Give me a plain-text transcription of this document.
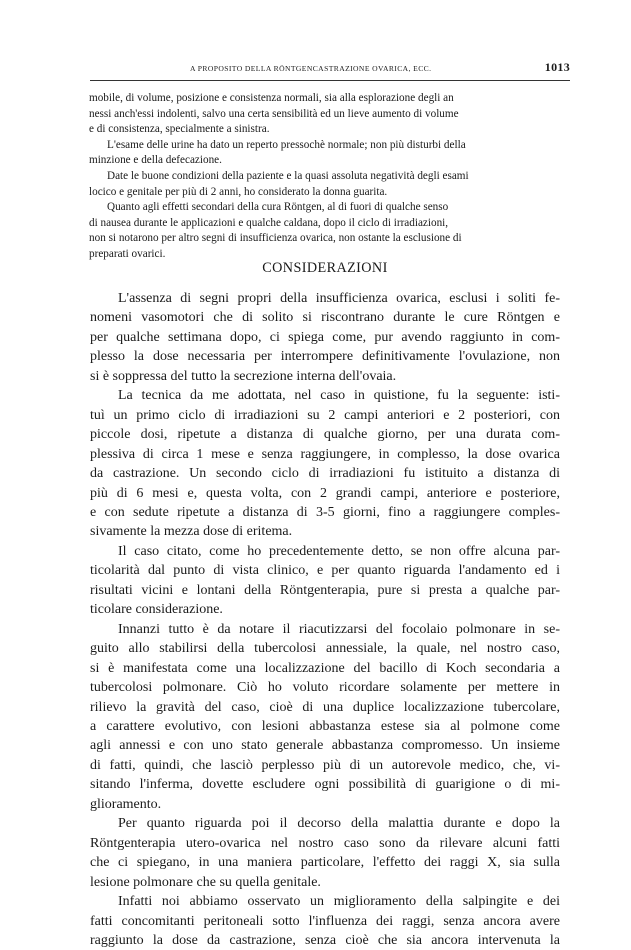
A PROPOSITO DELLA RÖNTGENCASTRAZIONE OVARICA, ECC.	1013
mobile, di volume, posizione e consistenza normali, sia alla esplorazione degli an
nessi anch'essi indolenti, salvo una certa sensibilità ed un lieve aumento di volume
e di consistenza, specialmente a sinistra.
L'esame delle urine ha dato un reperto pressochè normale; non più disturbi della
minzione e della defecazione.
Date le buone condizioni della paziente e la quasi assoluta negatività degli esami
locico e genitale per più di 2 anni, ho considerato la donna guarita.
Quanto agli effetti secondari della cura Röntgen, al di fuori di qualche senso
di nausea durante le applicazioni e qualche caldana, dopo il ciclo di irradiazioni,
non si notarono per altro segni di insufficienza ovarica, non ostante la esclusione di
preparati ovarici.
CONSIDERAZIONI
L'assenza di segni propri della insufficienza ovarica, esclusi i soliti fe-
nomeni vasomotori che di solito si riscontrano durante le cure Röntgen e
per qualche settimana dopo, ci spiega come, pur avendo raggiunto in com-
plesso la dose necessaria per interrompere definitivamente l'ovulazione, non
si è soppressa del tutto la secrezione interna dell'ovaia.
La tecnica da me adottata, nel caso in quistione, fu la seguente: isti-
tuì un primo ciclo di irradiazioni su 2 campi anteriori e 2 posteriori, con
piccole dosi, ripetute a distanza di qualche giorno, per una durata com-
plessiva di circa 1 mese e senza raggiungere, in complesso, la dose ovarica
da castrazione. Un secondo ciclo di irradiazioni fu istituito a distanza di
più di 6 mesi e, questa volta, con 2 grandi campi, anteriore e posteriore,
e con sedute ripetute a distanza di 3-5 giorni, fino a raggiungere comples-
sivamente la mezza dose di eritema.
Il caso citato, come ho precedentemente detto, se non offre alcuna par-
ticolarità dal punto di vista clinico, e per quanto riguarda l'andamento ed i
risultati vicini e lontani della Röntgenterapia, pure si presta a qualche par-
ticolare considerazione.
Innanzi tutto è da notare il riacutizzarsi del focolaio polmonare in se-
guito allo stabilirsi della tubercolosi annessiale, la quale, nel nostro caso,
si è manifestata come una localizzazione del bacillo di Koch secondaria a
tubercolosi polmonare. Ciò ho voluto ricordare solamente per mettere in
rilievo la gravità del caso, cioè di una duplice localizzazione tubercolare,
a carattere evolutivo, con lesioni abbastanza estese sia al polmone come
agli annessi e con uno stato generale abbastanza compromesso. Un insieme
di fatti, quindi, che lasciò perplesso più di un autorevole medico, che, vi-
sitando l'inferma, dovette escludere ogni possibilità di guarigione o di mi-
glioramento.
Per quanto riguarda poi il decorso della malattia durante e dopo la
Röntgenterapia utero-ovarica nel nostro caso sono da rilevare alcuni fatti
che ci spiegano, in una maniera particolare, l'effetto dei raggi X, sia sulla
lesione polmonare che su quella genitale.
Infatti noi abbiamo osservato un miglioramento della salpingite e dei
fatti concomitanti peritoneali sotto l'influenza dei raggi, senza ancora avere
raggiunto la dose da castrazione, senza cioè che sia ancora intervenuta la
